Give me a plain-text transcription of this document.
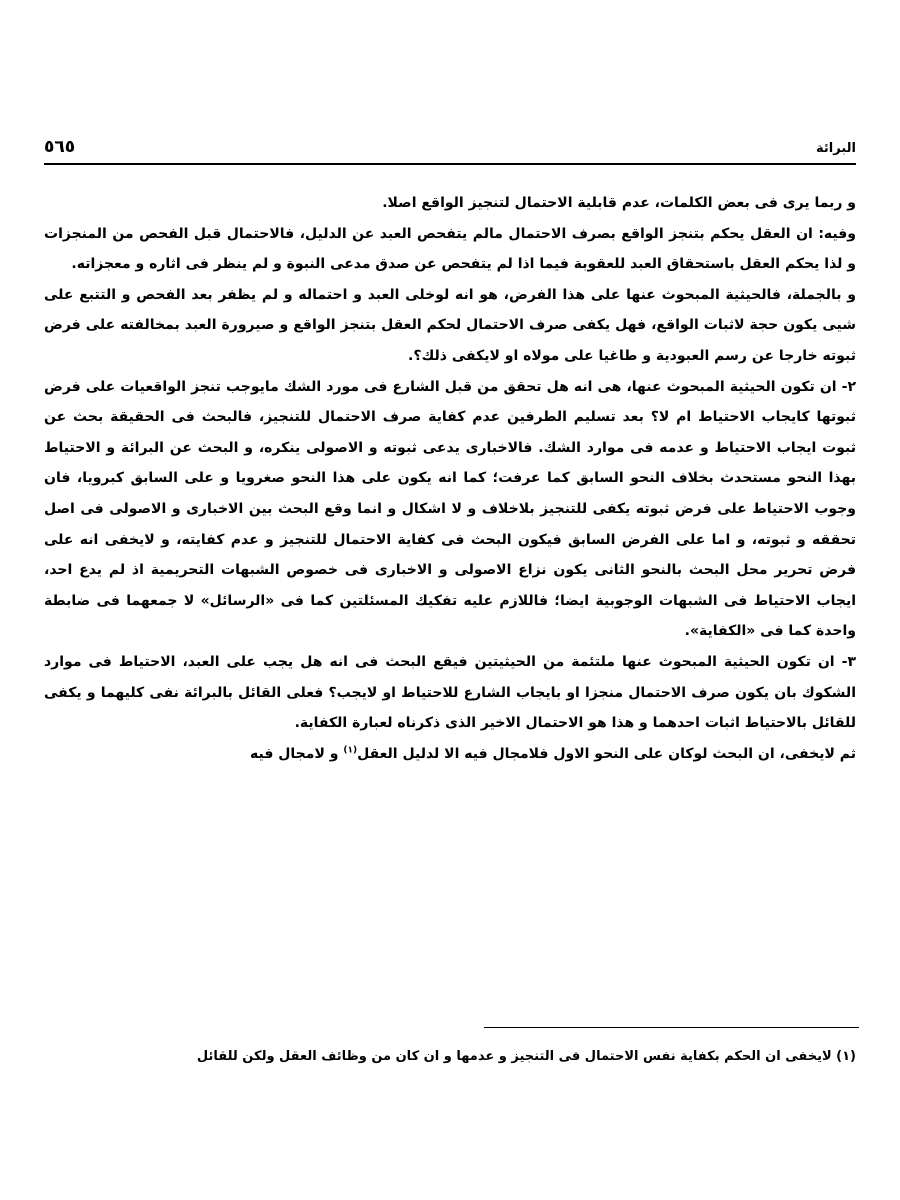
البرائة
٥٦٥

و ربما يرى فى بعض الكلمات، عدم قابلية الاحتمال لتنجيز الواقع اصلا.

وفيه: ان العقل يحكم بتنجز الواقع بصرف الاحتمال مالم يتفحص العبد عن الدليل، فالاحتمال قبل الفحص من المنجزات و لذا يحكم العقل باستحقاق العبد للعقوبة فيما اذا لم يتفحص عن صدق مدعى النبوة و لم ينظر فى اثاره و معجزاته.

و بالجملة، فالحيثية المبحوث عنها على هذا الفرض، هو انه لوخلى العبد و احتماله و لم يظفر بعد الفحص و التتبع على شيى يكون حجة لاثبات الواقع، فهل يكفى صرف الاحتمال لحكم العقل بتنجز الواقع و صيرورة العبد بمخالفته على فرض ثبوته خارجا عن رسم العبودية و طاغيا على مولاه او لايكفى ذلك؟.

٢- ان تكون الحيثية المبحوث عنها، هى انه هل تحقق من قبل الشارع فى مورد الشك مايوجب تنجز الواقعيات على فرض ثبوتها كايجاب الاحتياط ام لا؟ بعد تسليم الطرفين عدم كفاية صرف الاحتمال للتنجيز، فالبحث فى الحقيقة بحث عن ثبوت ايجاب الاحتياط و عدمه فى موارد الشك. فالاخبارى يدعى ثبوته و الاصولى ينكره، و البحث عن البرائة و الاحتياط بهذا النحو مستحدث بخلاف النحو السابق كما عرفت؛ كما انه يكون على هذا النحو صغرويا و على السابق كبرويا، فان وجوب الاحتياط على فرض ثبوته يكفى للتنجيز بلاخلاف و لا اشكال و انما وقع البحث بين الاخبارى و الاصولى فى اصل تحققه و ثبوته، و اما على الفرض السابق فيكون البحث فى كفاية الاحتمال للتنجيز و عدم كفايته، و لايخفى انه على فرض تحرير محل البحث بالنحو الثانى يكون نزاع الاصولى و الاخبارى فى خصوص الشبهات التحريمية اذ لم يدع احد، ايجاب الاحتياط فى الشبهات الوجوبية ايضا؛ فاللازم عليه تفكيك المسئلتين كما فى «الرسائل» لا جمعهما فى ضابطة واحدة كما فى «الكفاية».

٣- ان تكون الحيثية المبحوث عنها ملتئمة من الحيثيتين فيقع البحث فى انه هل يجب على العبد، الاحتياط فى موارد الشكوك بان يكون صرف الاحتمال منجزا او بايجاب الشارع للاحتياط او لايجب؟ فعلى القائل بالبرائة نفى كليهما و يكفى للقائل بالاحتياط اثبات احدهما و هذا هو الاحتمال الاخير الذى ذكرناه لعبارة الكفاية.

ثم لايخفى، ان البحث لوكان على النحو الاول فلامجال فيه الا لدليل العقل$^{(١)}$ و لامجال فيه

(١) لايخفى ان الحكم بكفاية نفس الاحتمال فى التنجيز و عدمها و ان كان من وظائف العقل ولكن للقائل
